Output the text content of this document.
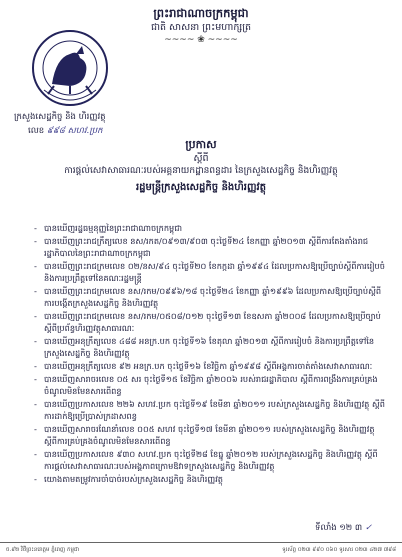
ព្រះរាជាណាចក្រកម្ពុជា
ជាតិ សាសនា ព្រះមហាក្សត្រ
~~~~ ❀ ~~~~
ក្រសួងសេដ្ឋកិច្ច និង ហិរញ្ញវត្ថុ
លេខ ៩៩៨ សហវ.ប្រក
ប្រកាស
ស្តីពី
ការផ្តល់សេវាសាធារណៈរបស់អគ្គនាយកដ្ឋានពន្ធដារ នៃក្រសួងសេដ្ឋកិច្ច និងហិរញ្ញវត្ថុ
រដ្ឋមន្ត្រីក្រសួងសេដ្ឋកិច្ច និងហិរញ្ញវត្ថុ
- បានឃើញរដ្ឋធម្មនុញ្ញនៃព្រះរាជាណាចក្រកម្ពុជា
- បានឃើញព្រះរាជក្រឹត្យលេខ នស/រកត/០៩១៣/៩០៣ ចុះថ្ងៃទី២៤ ខែកញ្ញា ឆ្នាំ២០១៣ ស្តីពីការតែងតាំងរាជរដ្ឋាភិបាលនៃព្រះរាជាណាចក្រកម្ពុជា
- បានឃើញព្រះរាជក្រមលេខ ០២/នស/៩៤ ចុះថ្ងៃទី២០ ខែកក្កដា ឆ្នាំ១៩៩៤ ដែលប្រកាសឱ្យប្រើច្បាប់ស្តីពីការរៀបចំ និងការប្រព្រឹត្តទៅនៃគណៈរដ្ឋមន្ត្រី
- បានឃើញព្រះរាជក្រមលេខ នស/រកម/០៩៩៦/១៨ ចុះថ្ងៃទី២៤ ខែកញ្ញា ឆ្នាំ១៩៩៦ ដែលប្រកាសឱ្យប្រើច្បាប់ស្តីពីការបង្កើតក្រសួងសេដ្ឋកិច្ច និងហិរញ្ញវត្ថុ
- បានឃើញព្រះរាជក្រមលេខ នស/រកម/០៥០៨/០១២ ចុះថ្ងៃទី១៣ ខែឧសភា ឆ្នាំ២០០៨ ដែលប្រកាសឱ្យប្រើច្បាប់ស្តីពីប្រព័ន្ធហិរញ្ញវត្ថុសាធារណៈ
- បានឃើញអនុក្រឹត្យលេខ ៤៨៨ អនក្រ.បក ចុះថ្ងៃទី១៦ ខែតុលា ឆ្នាំ២០១៣ ស្តីពីការរៀបចំ និងការប្រព្រឹត្តទៅនៃក្រសួងសេដ្ឋកិច្ច និងហិរញ្ញវត្ថុ
- បានឃើញអនុក្រឹត្យលេខ ៩២ អនក្រ.បក ចុះថ្ងៃទី១៦ ខែវិច្ឆិកា ឆ្នាំ១៩៩៨ ស្តីពីអង្គការចាត់តាំងសេវាសាធារណៈ
- បានឃើញសារាចរលេខ ០៥ សរ ចុះថ្ងៃទី១៥ ខែវិច្ឆិកា ឆ្នាំ២០០៦ របស់រាជរដ្ឋាភិបាល ស្តីពីការពង្រឹងការគ្រប់គ្រងចំណូលមិនមែនសារពើពន្ធ
- បានឃើញប្រកាសលេខ ២២៦ សហវ.ប្រក ចុះថ្ងៃទី១៩ ខែមីនា ឆ្នាំ២០១១ របស់ក្រសួងសេដ្ឋកិច្ច និងហិរញ្ញវត្ថុ ស្តីពីការដាក់ឱ្យប្រើប្រាស់ក្រដាសពន្ធ
- បានឃើញសារាចរណែនាំលេខ ០០៥ សហវ ចុះថ្ងៃទី១៧ ខែមីនា ឆ្នាំ២០១១ របស់ក្រសួងសេដ្ឋកិច្ច និងហិរញ្ញវត្ថុ ស្តីពីការគ្រប់គ្រងចំណូលមិនមែនសារពើពន្ធ
- បានឃើញប្រកាសលេខ ៩៣០ សហវ.ប្រក ចុះថ្ងៃទី២៨ ខែធ្នូ ឆ្នាំ២០១២ របស់ក្រសួងសេដ្ឋកិច្ច និងហិរញ្ញវត្ថុ ស្តីពីការផ្តល់សេវាសាធារណៈរបស់អង្គភាពក្រោមឱវាទក្រសួងសេដ្ឋកិច្ច និងហិរញ្ញវត្ថុ
- យោងតាមតម្រូវការចាំបាច់របស់ក្រសួងសេដ្ឋកិច្ច និងហិរញ្ញវត្ថុ
ទីលាំង ១២ ៣ ✓
ច.៩២ វិថីព្រះនរោត្តម ភ្នំពេញ កម្ពុជា	ទូរស័ព្ទ ០២៣ ៩៩០ ០៦០ ទូរសារ ០២៣ ៤២៧ ៧៩៨
